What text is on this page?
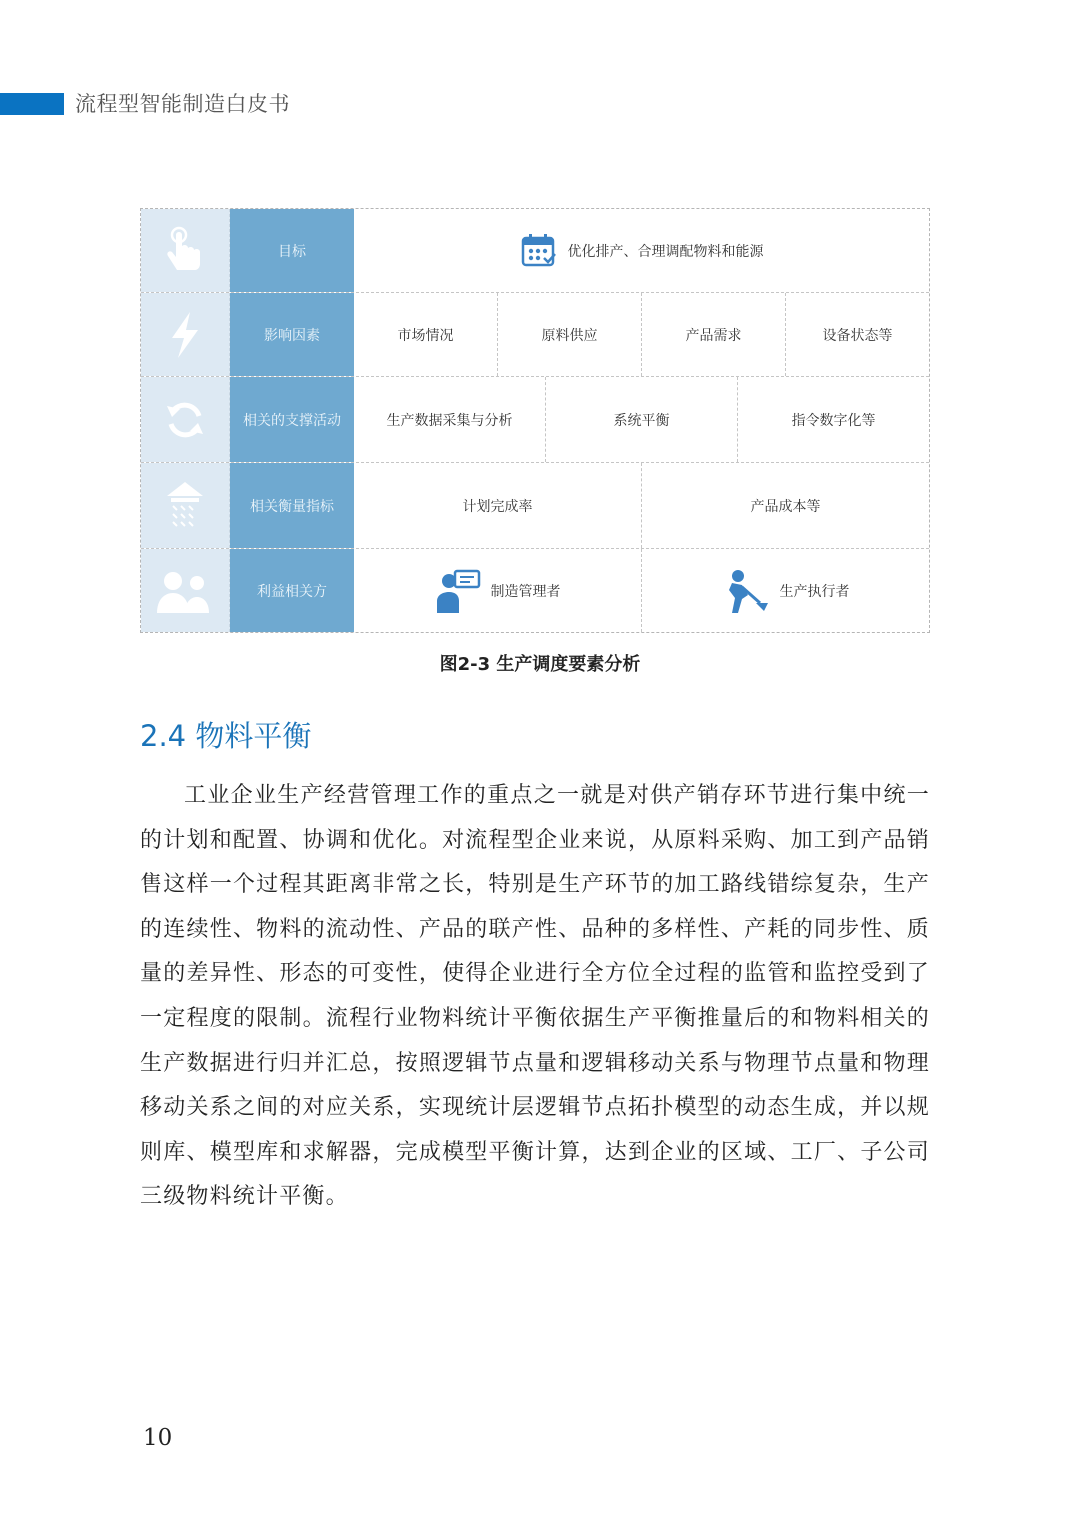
流程型智能制造白皮书
目标	优化排产、合理调配物料和能源
影响因素	市场情况	原料供应	产品需求	设备状态等
相关的支撑活动	生产数据采集与分析	系统平衡	指令数字化等
相关衡量指标	计划完成率	产品成本等
利益相关方	制造管理者	生产执行者
图2-3 生产调度要素分析
2.4 物料平衡

工业企业生产经营管理工作的重点之一就是对供产销存环节进行集中统一的计划和配置、协调和优化。对流程型企业来说，从原料采购、加工到产品销售这样一个过程其距离非常之长，特别是生产环节的加工路线错综复杂，生产的连续性、物料的流动性、产品的联产性、品种的多样性、产耗的同步性、质量的差异性、形态的可变性，使得企业进行全方位全过程的监管和监控受到了一定程度的限制。流程行业物料统计平衡依据生产平衡推量后的和物料相关的生产数据进行归并汇总，按照逻辑节点量和逻辑移动关系与物理节点量和物理移动关系之间的对应关系，实现统计层逻辑节点拓扑模型的动态生成，并以规则库、模型库和求解器，完成模型平衡计算，达到企业的区域、工厂、子公司三级物料统计平衡。

10
